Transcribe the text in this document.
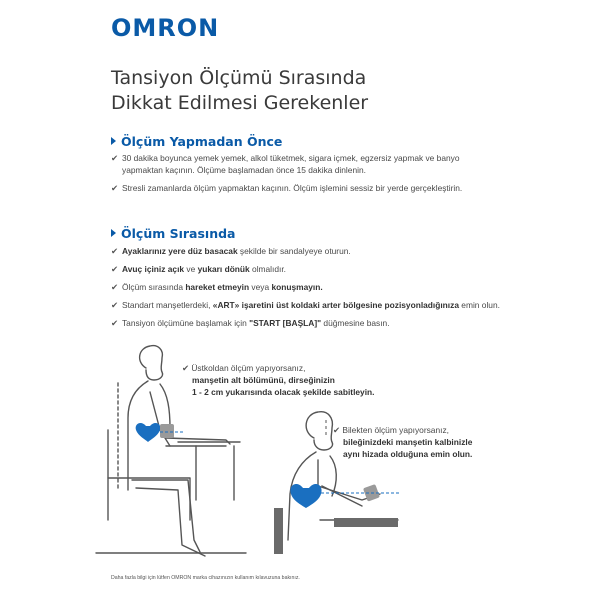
OMRON
Tansiyon Ölçümü Sırasında
Dikkat Edilmesi Gerekenler
Ölçüm Yapmadan Önce
✔ 30 dakika boyunca yemek yemek, alkol tüketmek, sigara içmek, egzersiz yapmak ve banyo yapmaktan kaçının. Ölçüme başlamadan önce 15 dakika dinlenin.
✔ Stresli zamanlarda ölçüm yapmaktan kaçının. Ölçüm işlemini sessiz bir yerde gerçekleştirin.
Ölçüm Sırasında
✔ Ayaklarınız yere düz basacak şekilde bir sandalyeye oturun.
✔ Avuç içiniz açık ve yukarı dönük olmalıdır.
✔ Ölçüm sırasında hareket etmeyin veya konuşmayın.
✔ Standart manşetlerdeki, «ART» işaretini üst koldaki arter bölgesine pozisyonladığınıza emin olun.
✔ Tansiyon ölçümüne başlamak için "START [BAŞLA]" düğmesine basın.
✔ Üstkoldan ölçüm yapıyorsanız,
manşetin alt bölümünü, dirseğinizin
1 - 2 cm yukarısında olacak şekilde sabitleyin.
✔ Bilekten ölçüm yapıyorsanız,
bileğinizdeki manşetin kalbinizle
aynı hizada olduğuna emin olun.
Daha fazla bilgi için lütfen OMRON marka cihazınızın kullanım kılavuzuna bakınız.
